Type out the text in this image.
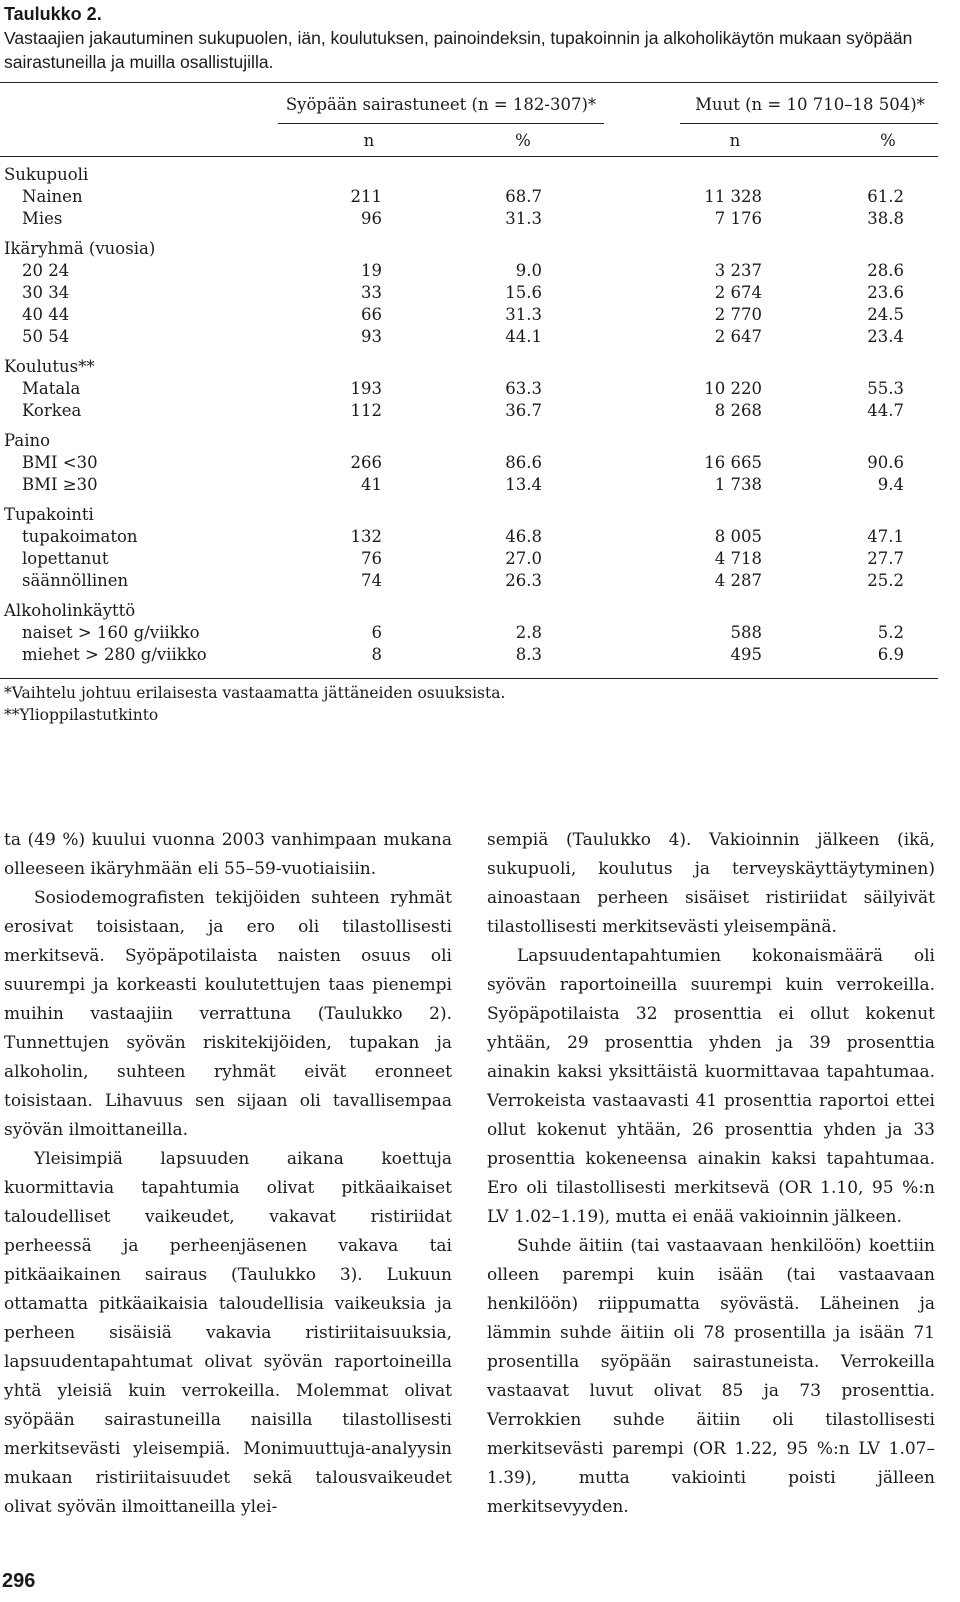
Taulukko 2.
Vastaajien jakautuminen sukupuolen, iän, koulutuksen, painoindeksin, tupakoinnin ja alkoholikäytön mukaan syöpään sairastuneilla ja muilla osallistujilla.
Syöpään sairastuneet (n = 182-307)*	Muut (n = 10 710–18 504)*
n	%	n	%
Sukupuoli
Nainen	211	68.7	11 328	61.2
Mies	96	31.3	7 176	38.8
Ikäryhmä (vuosia)
20 24	19	9.0	3 237	28.6
30 34	33	15.6	2 674	23.6
40 44	66	31.3	2 770	24.5
50 54	93	44.1	2 647	23.4
Koulutus**
Matala	193	63.3	10 220	55.3
Korkea	112	36.7	8 268	44.7
Paino
BMI <30	266	86.6	16 665	90.6
BMI ≥30	41	13.4	1 738	9.4
Tupakointi
tupakoimaton	132	46.8	8 005	47.1
lopettanut	76	27.0	4 718	27.7
säännöllinen	74	26.3	4 287	25.2
Alkoholinkäyttö
naiset > 160 g/viikko	6	2.8	588	5.2
miehet > 280 g/viikko	8	8.3	495	6.9
*Vaihtelu johtuu erilaisesta vastaamatta jättäneiden osuuksista.
**Ylioppilastutkinto

ta (49 %) kuului vuonna 2003 vanhimpaan mukana olleeseen ikäryhmään eli 55–59-vuotiaisiin.

Sosiodemografisten tekijöiden suhteen ryhmät erosivat toisistaan, ja ero oli tilastollisesti merkitsevä. Syöpäpotilaista naisten osuus oli suurempi ja korkeasti koulutettujen taas pienempi muihin vastaajiin verrattuna (Taulukko 2). Tunnettujen syövän riskitekijöiden, tupakan ja alkoholin, suhteen ryhmät eivät eronneet toisistaan. Lihavuus sen sijaan oli tavallisempaa syövän ilmoittaneilla.

Yleisimpiä lapsuuden aikana koettuja kuormittavia tapahtumia olivat pitkäaikaiset taloudelliset vaikeudet, vakavat ristiriidat perheessä ja perheenjäsenen vakava tai pitkäaikainen sairaus (Taulukko 3). Lukuun ottamatta pitkäaikaisia taloudellisia vaikeuksia ja perheen sisäisiä vakavia ristiriitaisuuksia, lapsuudentapahtumat olivat syövän raportoineilla yhtä yleisiä kuin verrokeilla. Molemmat olivat syöpään sairastuneilla naisilla tilastollisesti merkitsevästi yleisempiä. Monimuuttuja-analyysin mukaan ristiriitaisuudet sekä talousvaikeudet olivat syövän ilmoittaneilla ylei-

sempiä (Taulukko 4). Vakioinnin jälkeen (ikä, sukupuoli, koulutus ja terveyskäyttäytyminen) ainoastaan perheen sisäiset ristiriidat säilyivät tilastollisesti merkitsevästi yleisempänä.

Lapsuudentapahtumien kokonaismäärä oli syövän raportoineilla suurempi kuin verrokeilla. Syöpäpotilaista 32 prosenttia ei ollut kokenut yhtään, 29 prosenttia yhden ja 39 prosenttia ainakin kaksi yksittäistä kuormittavaa tapahtumaa. Verrokeista vastaavasti 41 prosenttia raportoi ettei ollut kokenut yhtään, 26 prosenttia yhden ja 33 prosenttia kokeneensa ainakin kaksi tapahtumaa. Ero oli tilastollisesti merkitsevä (OR 1.10, 95 %:n LV 1.02–1.19), mutta ei enää vakioinnin jälkeen.

Suhde äitiin (tai vastaavaan henkilöön) koettiin olleen parempi kuin isään (tai vastaavaan henkilöön) riippumatta syövästä. Läheinen ja lämmin suhde äitiin oli 78 prosentilla ja isään 71 prosentilla syöpään sairastuneista. Verrokeilla vastaavat luvut olivat 85 ja 73 prosenttia. Verrokkien suhde äitiin oli tilastollisesti merkitsevästi parempi (OR 1.22, 95 %:n LV 1.07–1.39), mutta vakiointi poisti jälleen merkitsevyyden.

296
